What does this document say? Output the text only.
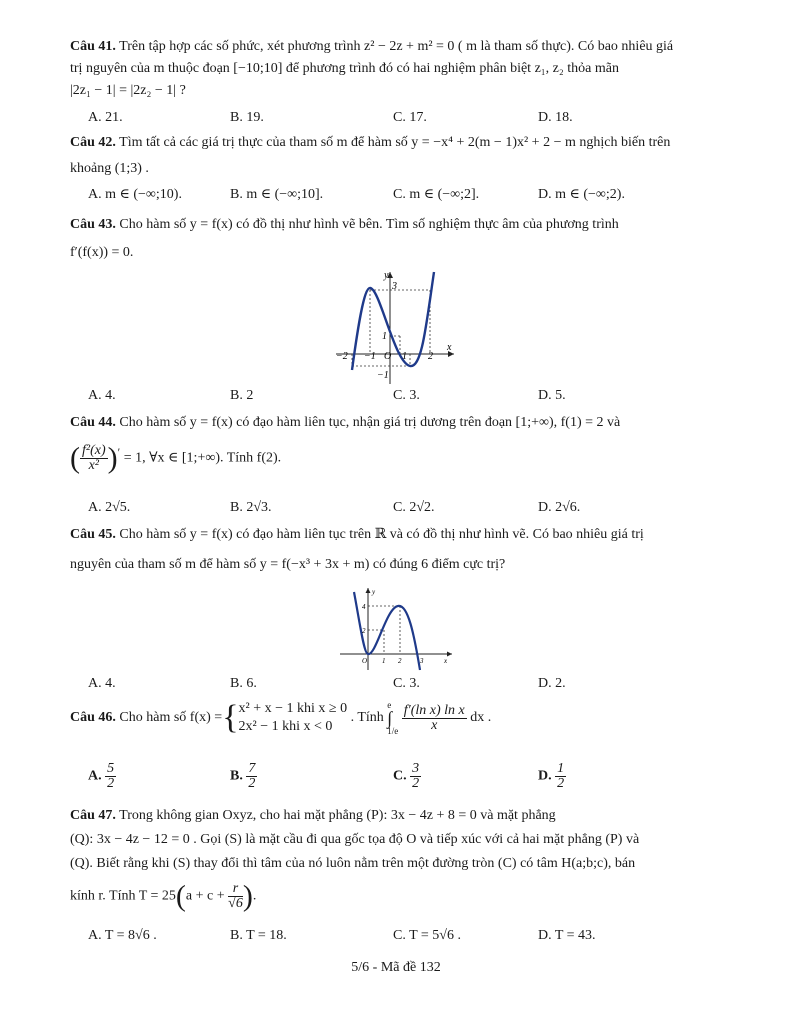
Câu 41. Trên tập hợp các số phức, xét phương trình z² − 2z + m² = 0 ( m là tham số thực). Có bao nhiêu giá
trị nguyên của m thuộc đoạn [−10;10] để phương trình đó có hai nghiệm phân biệt z₁, z₂ thỏa mãn
|2z₁ − 1| = |2z₂ − 1| ?
A. 21.	B. 19.	C. 17.	D. 18.
Câu 42. Tìm tất cả các giá trị thực của tham số m để hàm số y = −x⁴ + 2(m − 1)x² + 2 − m nghịch biến trên
khoảng (1;3) .
A. m ∈ (−∞;10).	B. m ∈ (−∞;10].	C. m ∈ (−∞;2].	D. m ∈ (−∞;2).
Câu 43. Cho hàm số y = f(x) có đồ thị như hình vẽ bên. Tìm số nghiệm thực âm của phương trình
f′(f(x)) = 0.
y
x
3
1
−2 −1 O 1 2
−1
A. 4.	B. 2	C. 3.	D. 5.
Câu 44. Cho hàm số y = f(x) có đạo hàm liên tục, nhận giá trị dương trên đoạn [1;+∞), f(1) = 2 và
( $\frac{\text{f²(x)}}{\text{x²}} )' = 1$, ∀x ∈ [1;+∞). Tính f(2).
A. 2√5.	B. 2√3.	C. 2√2.	D. 2√6.
Câu 45. Cho hàm số y = f(x) có đạo hàm liên tục trên ℝ và có đồ thị như hình vẽ. Có bao nhiêu giá trị
nguyên của tham số m để hàm số y = f(−x³ + 3x + m) có đúng 6 điểm cực trị?
y
x
4
2
O 1 2	3
A. 4.	B. 6.	C. 3.	D. 2.
Câu 46. Cho hàm số f(x) ={ x² + x − 1 khi x ≥ 0
2x² − 1 khi x < 0
. Tính
e
∫
1/e
$\frac{\text{f′(ln x) ln x}}{x}$ dx .
A. $\frac{5}{2}$	B. $\frac{7}{2}$	C. $\frac{3}{2}$	D. $\frac{1}{2}$
Câu 47. Trong không gian Oxyz, cho hai mặt phẳng (P): 3x − 4z + 8 = 0 và mặt phẳng
(Q): 3x − 4z − 12 = 0 . Gọi (S) là mặt cầu đi qua gốc tọa độ O và tiếp xúc với cả hai mặt phẳng (P) và
(Q). Biết rằng khi (S) thay đổi thì tâm của nó luôn nằm trên một đường tròn (C) có tâm H(a;b;c), bán
kính r. Tính $T = 25(a + c + \frac{r}{√6}$ ).
A. T = 8√6 .	B. T = 18.	C. T = 5√6 .	D. T = 43.
5/6 - Mã đề 132
